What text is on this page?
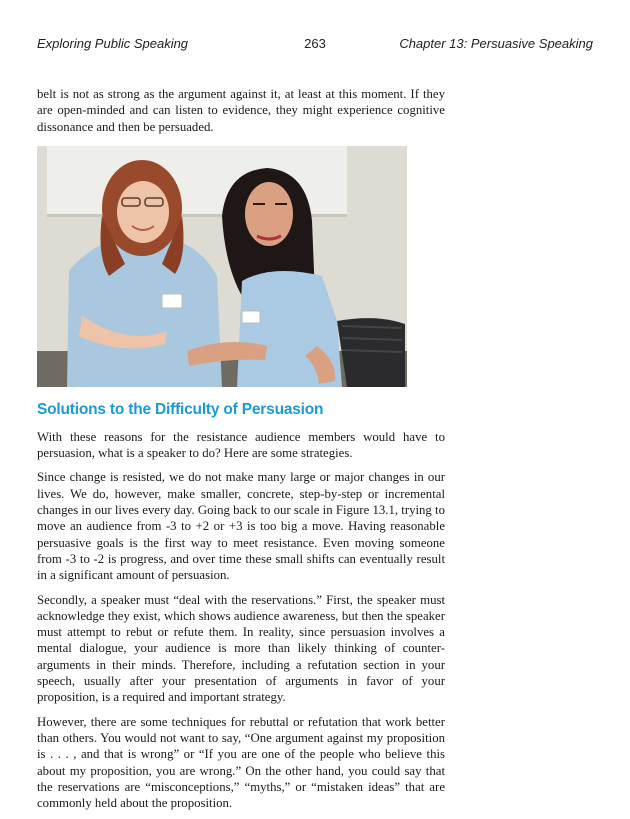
Exploring Public Speaking	263	Chapter 13: Persuasive Speaking

belt is not as strong as the argument against it, at least at this moment. If they are open-minded and can listen to evidence, they might experience cognitive dissonance and then be persuaded.

Solutions to the Difficulty of Persuasion

With these reasons for the resistance audience members would have to persuasion, what is a speaker to do? Here are some strategies.

Since change is resisted, we do not make many large or major changes in our lives. We do, however, make smaller, concrete, step-by-step or incremental changes in our lives every day. Going back to our scale in Figure 13.1, trying to move an audience from -3 to +2 or +3 is too big a move. Having reasonable persuasive goals is the first way to meet resistance. Even moving someone from -3 to -2 is progress, and over time these small shifts can eventually result in a significant amount of persuasion.

Secondly, a speaker must “deal with the reservations.” First, the speaker must acknowledge they exist, which shows audience awareness, but then the speaker must attempt to rebut or refute them. In reality, since persuasion involves a mental dialogue, your audience is more than likely thinking of counter-arguments in their minds. Therefore, including a refutation section in your speech, usually after your presentation of arguments in favor of your proposition, is a required and important strategy.

However, there are some techniques for rebuttal or refutation that work better than others. You would not want to say, “One argument against my proposition is . . . , and that is wrong” or “If you are one of the people who believe this about my proposition, you are wrong.” On the other hand, you could say that the reservations are “misconceptions,” “myths,” or “mistaken ideas” that are commonly held about the proposition.
